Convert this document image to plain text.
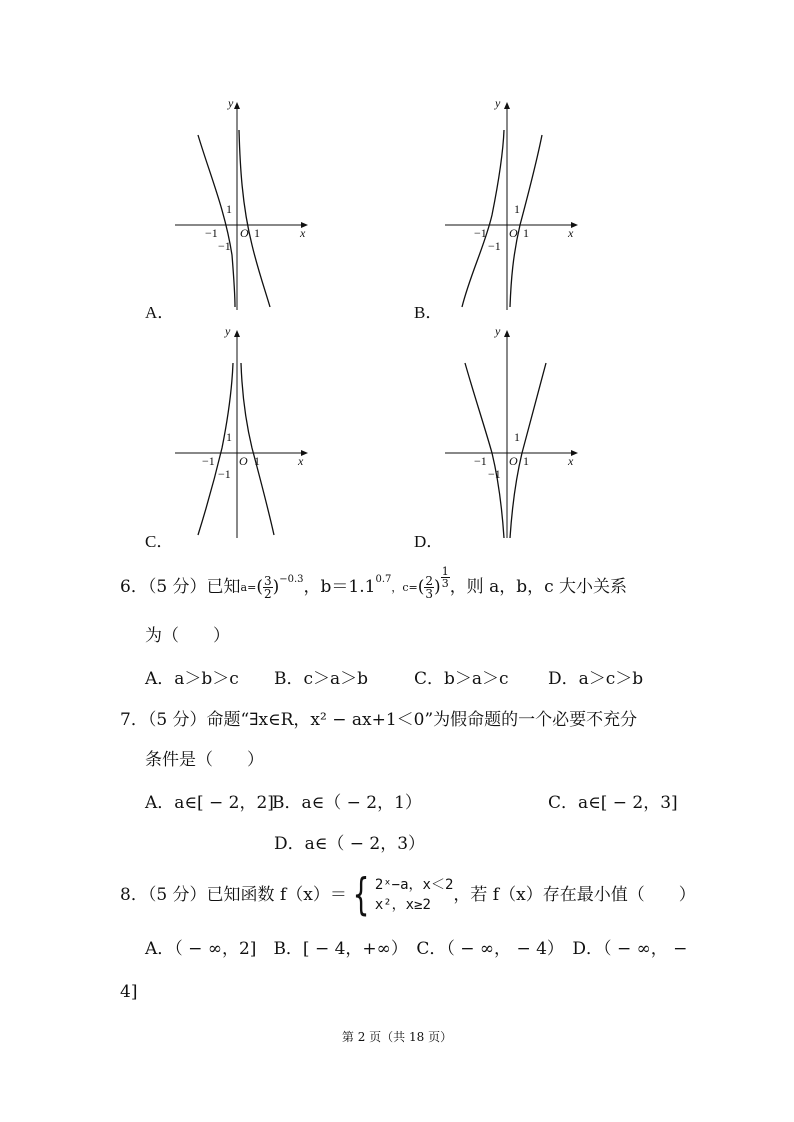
y
x
O
1
1
−1
−1
A．
y
x
O
1
1
−1
−1
B．
y
x
O
1
1
−1
−1
C．
y
x
O
1
1
−1
−1
D．
6．（5 分）已知 a= ( $\frac{3}{2}$ ) −0.3 ，b＝1.1 0.7
，c= ( $\frac{2}{3}$ ) $\frac{1}{3}$ ，则 a，b，c 大小关系
为（　　）
A．a＞b＞c B．c＞a＞b	C．b＞a＞c D．a＞c＞b
7．（5 分）命题“∃x∈R，x² − ax+1＜0”为假命题的一个必要不充分
条件是（　　）
A．a∈[ − 2，2]
B．a∈（ − 2，1）	C．a∈[ − 2，3]
D．a∈（ − 2，3）
8．（5 分）已知函数 f（x）＝ { 2ˣ−a，x＜2
x²，x≥2
，若 f（x）存在最小值（　　）
A．（ − ∞，2]　B．[ − 4，+∞）　C．（ − ∞， − 4）　D．（ − ∞， −
4]
第 2 页（共 18 页）
